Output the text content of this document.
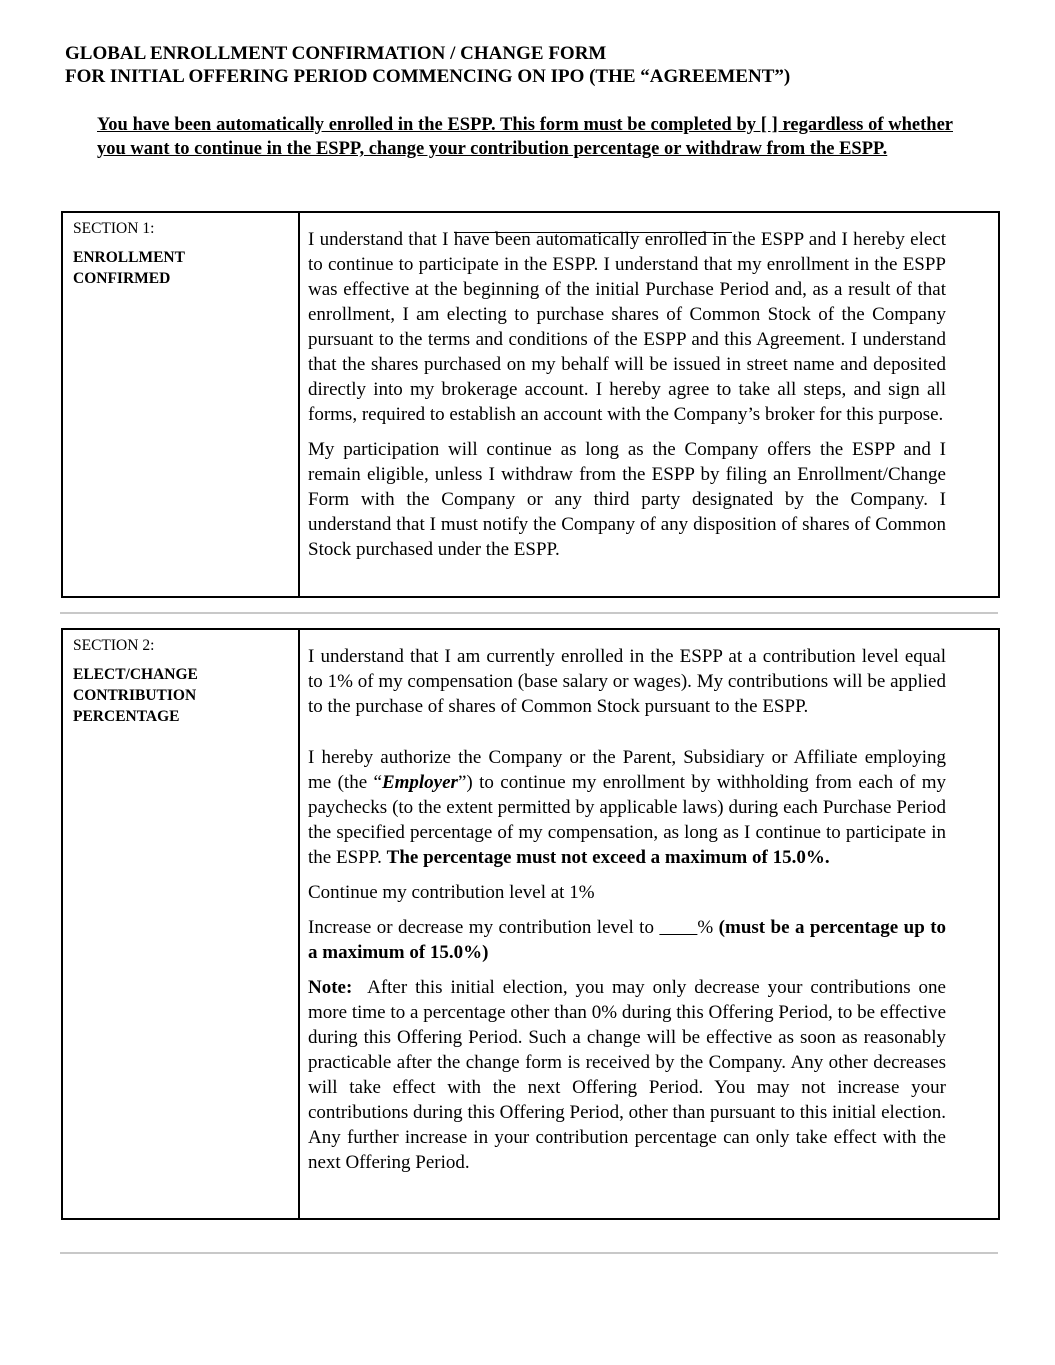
GLOBAL ENROLLMENT CONFIRMATION / CHANGE FORM
FOR INITIAL OFFERING PERIOD COMMENCING ON IPO (THE “AGREEMENT”)
You have been automatically enrolled in the ESPP. This form must be completed by [ ] regardless of whether you want to continue in the ESPP, change your contribution percentage or withdraw from the ESPP.
SECTION 1:
ENROLLMENT
CONFIRMED

I understand that I have been automatically enrolled in the ESPP and I hereby elect to continue to participate in the ESPP. I understand that my enrollment in the ESPP was effective at the beginning of the initial Purchase Period and, as a result of that enrollment, I am electing to purchase shares of Common Stock of the Company pursuant to the terms and conditions of the ESPP and this Agreement. I understand that the shares purchased on my behalf will be issued in street name and deposited directly into my brokerage account. I hereby agree to take all steps, and sign all forms, required to establish an account with the Company’s broker for this purpose.

My participation will continue as long as the Company offers the ESPP and I remain eligible, unless I withdraw from the ESPP by filing an Enrollment/Change Form with the Company or any third party designated by the Company. I understand that I must notify the Company of any disposition of shares of Common Stock purchased under the ESPP.

SECTION 2:
ELECT/CHANGE
CONTRIBUTION
PERCENTAGE

I understand that I am currently enrolled in the ESPP at a contribution level equal to 1% of my compensation (base salary or wages). My contributions will be applied to the purchase of shares of Common Stock pursuant to the ESPP.

I hereby authorize the Company or the Parent, Subsidiary or Affiliate employing me (the “Employer”) to continue my enrollment by withholding from each of my paychecks (to the extent permitted by applicable laws) during each Purchase Period the specified percentage of my compensation, as long as I continue to participate in the ESPP. The percentage must not exceed a maximum of 15.0%.

Continue my contribution level at 1%

Increase or decrease my contribution level to        % (must be a percentage up to a maximum of 15.0%)

Note:  After this initial election, you may only decrease your contributions one more time to a percentage other than 0% during this Offering Period, to be effective during this Offering Period. Such a change will be effective as soon as reasonably practicable after the change form is received by the Company. Any other decreases will take effect with the next Offering Period. You may not increase your contributions during this Offering Period, other than pursuant to this initial election. Any further increase in your contribution percentage can only take effect with the next Offering Period.
